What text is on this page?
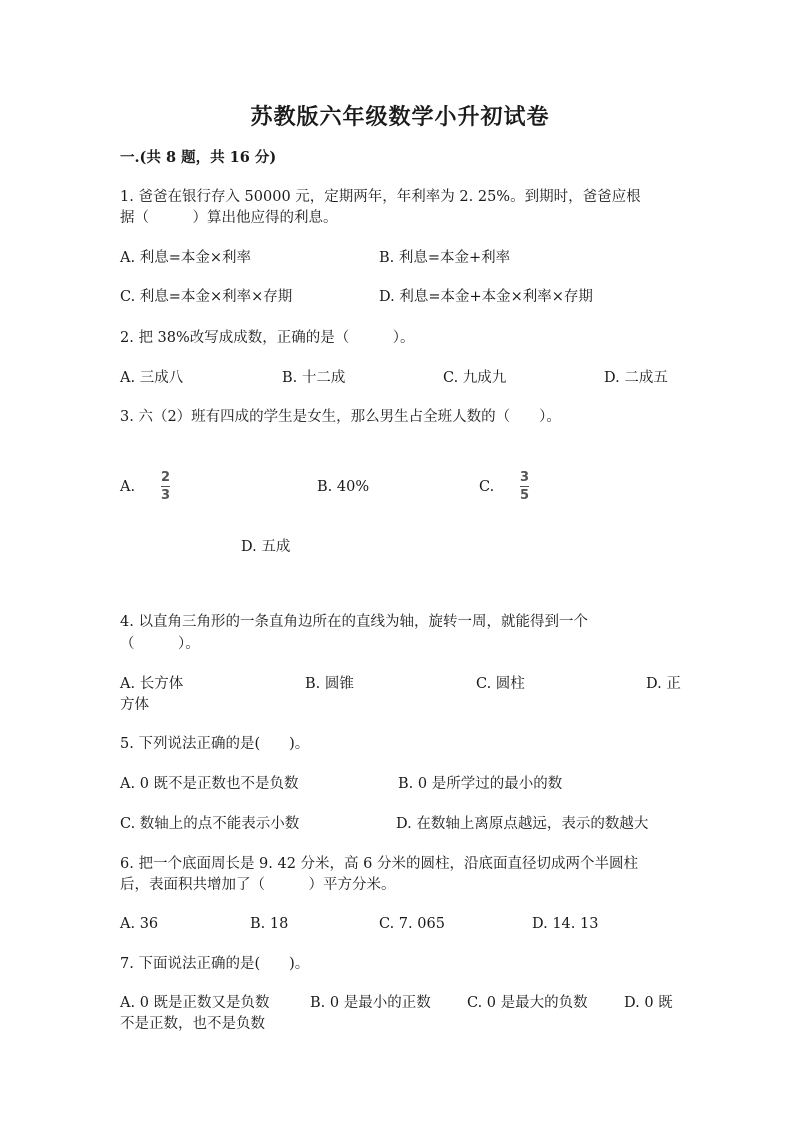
苏教版六年级数学小升初试卷
一.(共 8 题，共 16 分)
1. 爸爸在银行存入 50000 元，定期两年，年利率为 2. 25%。到期时，爸爸应根
据（　　　）算出他应得的利息。
A. 利息=本金×利率	B. 利息=本金+利率
C. 利息=本金×利率×存期	D. 利息=本金+本金×利率×存期
2. 把 38%改写成成数，正确的是（　　　）。
A. 三成八	B. 十二成	C. 九成九	D. 二成五
3. 六（2）班有四成的学生是女生，那么男生占全班人数的（　　）。
A.
2
3
B. 40%	C.
3
5
D. 五成
4. 以直角三角形的一条直角边所在的直线为轴，旋转一周，就能得到一个
（　　　）。
A. 长方体	B. 圆锥	C. 圆柱	D. 正
方体
5. 下列说法正确的是(　　)。
A. 0 既不是正数也不是负数	B. 0 是所学过的最小的数
C. 数轴上的点不能表示小数	D. 在数轴上离原点越远，表示的数越大
6. 把一个底面周长是 9. 42 分米，高 6 分米的圆柱，沿底面直径切成两个半圆柱
后，表面积共增加了（　　　）平方分米。
A. 36	B. 18	C. 7. 065	D. 14. 13
7. 下面说法正确的是(　　)。
A. 0 既是正数又是负数	B. 0 是最小的正数	C. 0 是最大的负数	D. 0 既
不是正数，也不是负数
